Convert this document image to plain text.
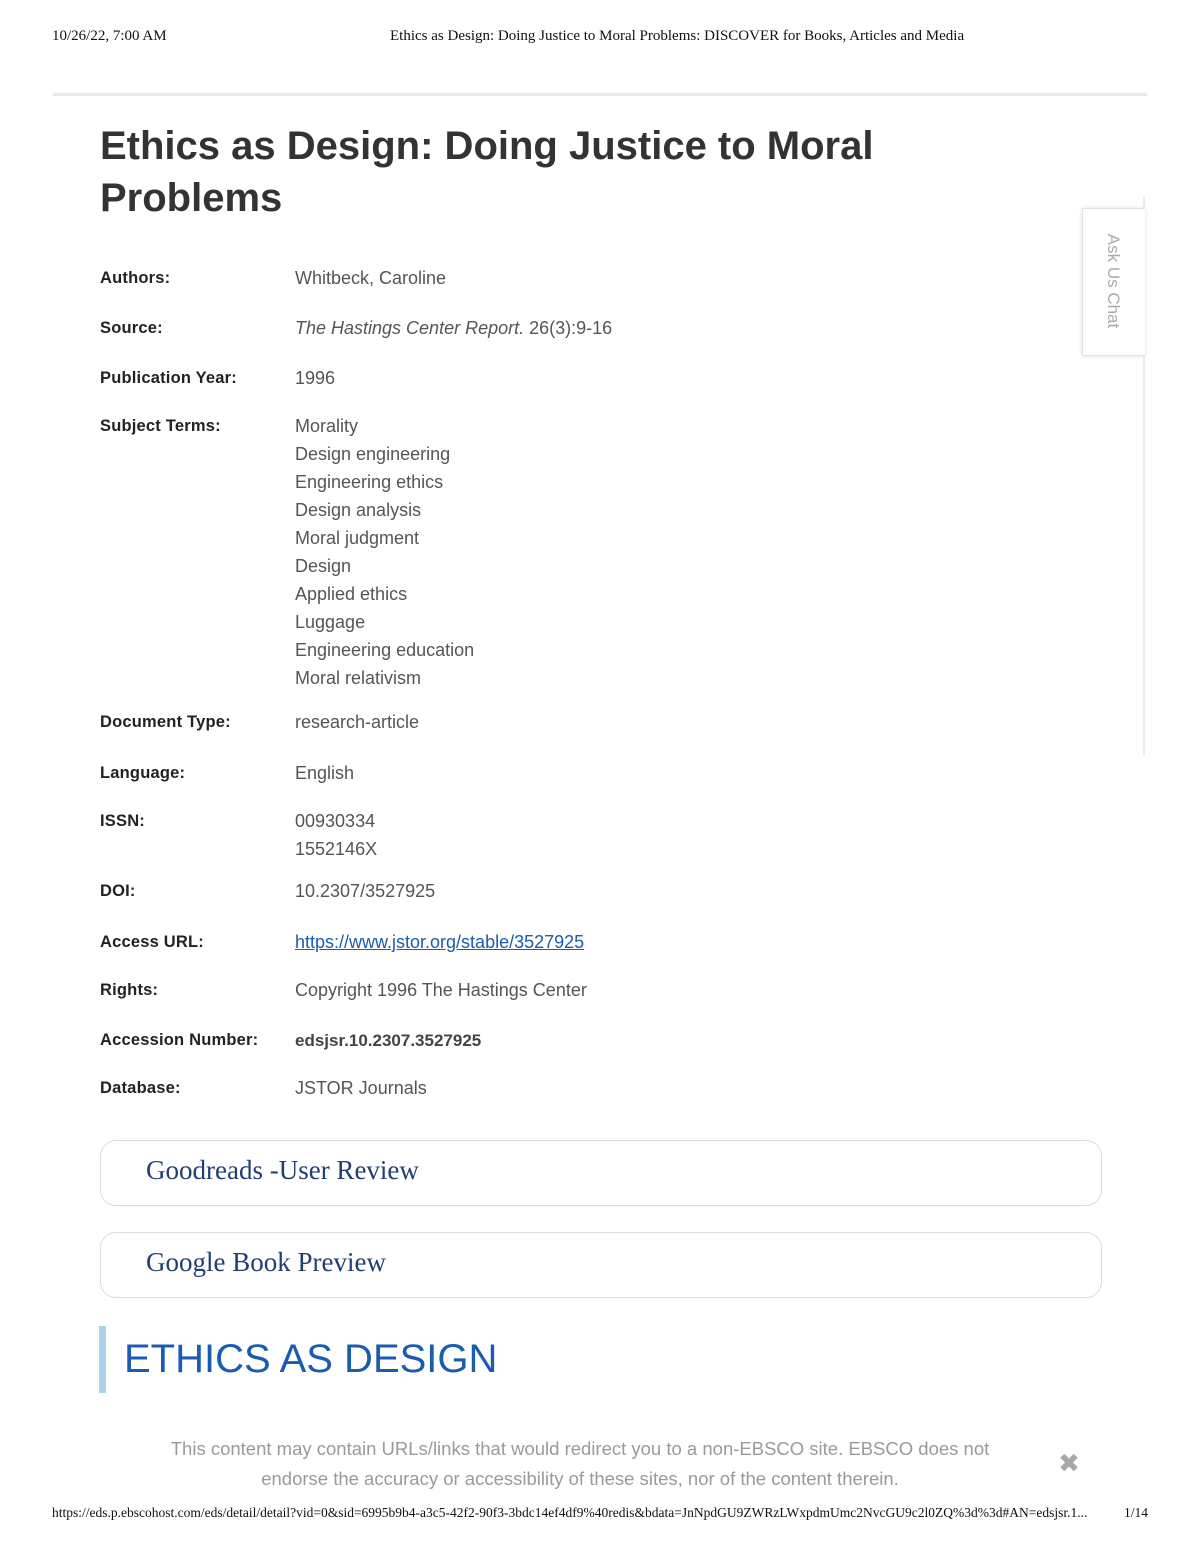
10/26/22, 7:00 AM	Ethics as Design: Doing Justice to Moral Problems: DISCOVER for Books, Articles and Media
Ethics as Design: Doing Justice to Moral Problems
Authors:	Whitbeck, Caroline
Source:	The Hastings Center Report. 26(3):9-16
Publication Year:	1996
Subject Terms:	Morality
Design engineering
Engineering ethics
Design analysis
Moral judgment
Design
Applied ethics
Luggage
Engineering education
Moral relativism
Document Type:	research-article
Language:	English
ISSN:	00930334
1552146X
DOI:	10.2307/3527925
Access URL:	https://www.jstor.org/stable/3527925
Rights:	Copyright 1996 The Hastings Center
Accession Number:	edsjsr.10.2307.3527925
Database:	JSTOR Journals
Ask Us Chat
Goodreads -User Review
Google Book Preview
ETHICS AS DESIGN
This content may contain URLs/links that would redirect you to a non-EBSCO site. EBSCO does not
endorse the accuracy or accessibility of these sites, nor of the content therein.
✖
https://eds.p.ebscohost.com/eds/detail/detail?vid=0&sid=6995b9b4-a3c5-42f2-90f3-3bdc14ef4df9%40redis&bdata=JnNpdGU9ZWRzLWxpdmUmc2NvcGU9c2l0ZQ%3d%3d#AN=edsjsr.1...	1/14
